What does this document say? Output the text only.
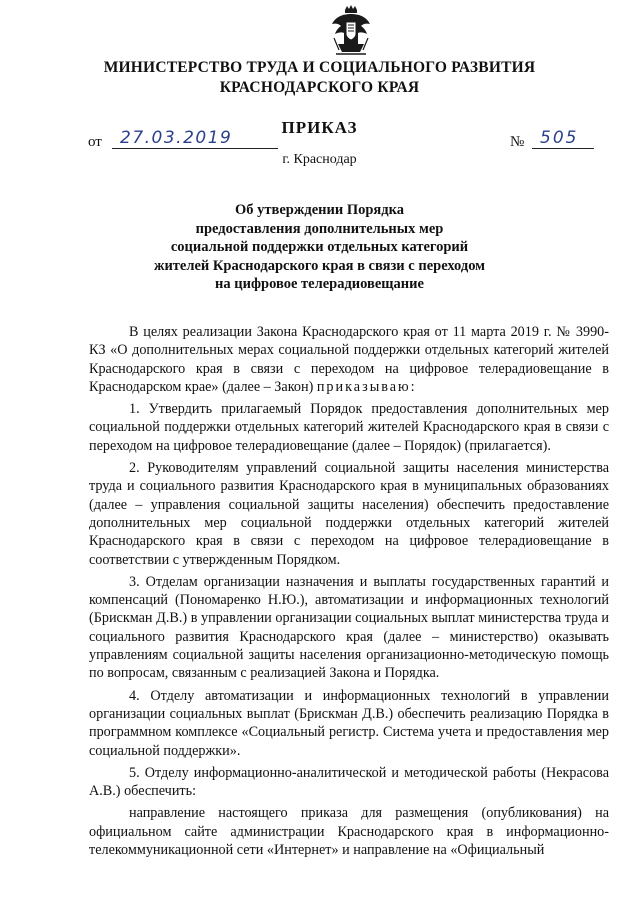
МИНИСТЕРСТВО ТРУДА И СОЦИАЛЬНОГО РАЗВИТИЯ
КРАСНОДАРСКОГО КРАЯ
ПРИКАЗ
от	27.03.2019	№ 505
г. Краснодар
Об утверждении Порядка
предоставления дополнительных мер
социальной поддержки отдельных категорий
жителей Краснодарского края в связи с переходом
на цифровое телерадиовещание

В целях реализации Закона Краснодарского края от 11 марта 2019 г. № 3990-КЗ «О дополнительных мерах социальной поддержки отдельных категорий жителей Краснодарского края в связи с переходом на цифровое телерадиовещание в Краснодарском крае» (далее – Закон) приказываю:

1. Утвердить прилагаемый Порядок предоставления дополнительных мер социальной поддержки отдельных категорий жителей Краснодарского края в связи с переходом на цифровое телерадиовещание (далее – Порядок) (прилагается).

2. Руководителям управлений социальной защиты населения министерства труда и социального развития Краснодарского края в муниципальных образованиях (далее – управления социальной защиты населения) обеспечить предоставление дополнительных мер социальной поддержки отдельных категорий жителей Краснодарского края в связи с переходом на цифровое телерадиовещание в соответствии с утвержденным Порядком.

3. Отделам организации назначения и выплаты государственных гарантий и компенсаций (Пономаренко Н.Ю.), автоматизации и информационных технологий (Брискман Д.В.) в управлении организации социальных выплат министерства труда и социального развития Краснодарского края (далее – министерство) оказывать управлениям социальной защиты населения организационно-методическую помощь по вопросам, связанным с реализацией Закона и Порядка.

4. Отделу автоматизации и информационных технологий в управлении организации социальных выплат (Брискман Д.В.) обеспечить реализацию Порядка в программном комплексе «Социальный регистр. Система учета и предоставления мер социальной поддержки».

5. Отделу информационно-аналитической и методической работы (Некрасова А.В.) обеспечить:

направление настоящего приказа для размещения (опубликования) на официальном сайте администрации Краснодарского края в информационно-телекоммуникационной сети «Интернет» и направление на «Официальный
